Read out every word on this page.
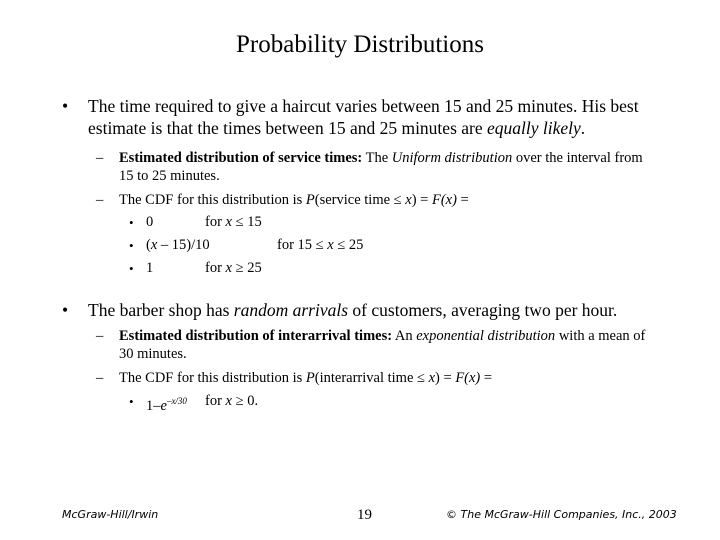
Probability Distributions
• The time required to give a haircut varies between 15 and 25 minutes. His best estimate is that the times between 15 and 25 minutes are equally likely.
– Estimated distribution of service times: The Uniform distribution over the interval from 15 to 25 minutes.
– The CDF for this distribution is P(service time ≤ x) = F(x) =
• 0	for x ≤ 15
• (x – 15)/10	for 15 ≤ x ≤ 25
• 1	for x ≥ 25
• The barber shop has random arrivals of customers, averaging two per hour.
– Estimated distribution of interarrival times: An exponential distribution with a mean of 30 minutes.
– The CDF for this distribution is P(interarrival time ≤ x) = F(x) =
• $1-e^{-x/30}$ for x ≥ 0.
McGraw-Hill/Irwin	19	© The McGraw-Hill Companies, Inc., 2003
